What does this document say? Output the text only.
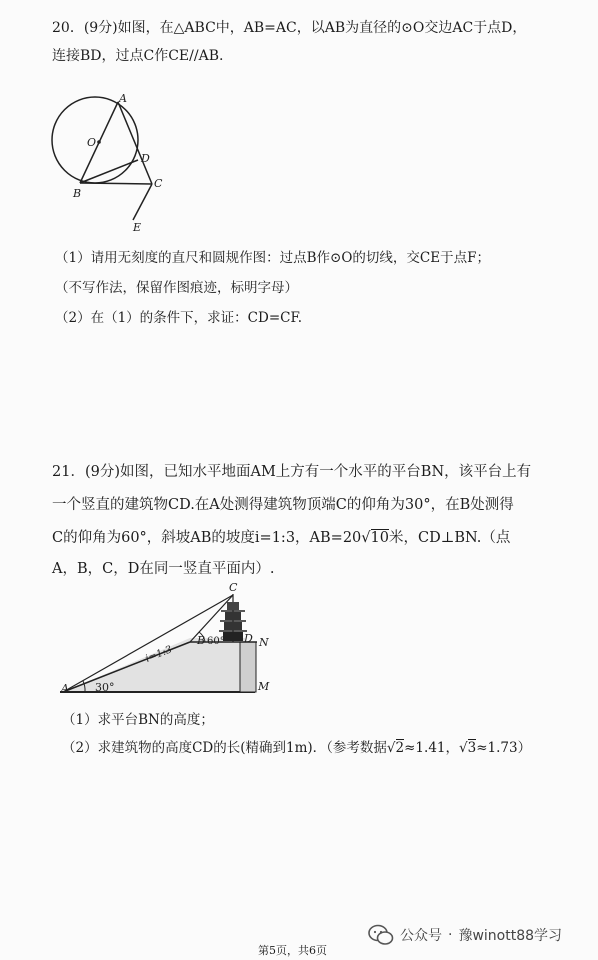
20．(9分)如图，在△ABC中，AB=AC，以AB为直径的⊙O交边AC于点D，
连接BD，过点C作CE//AB.
A
O
D
B
C
E
（1）请用无刻度的直尺和圆规作图：过点B作⊙O的切线，交CE于点F；
（不写作法，保留作图痕迹，标明字母）
（2）在（1）的条件下，求证：CD=CF.
21．(9分)如图，已知水平地面AM上方有一个水平的平台BN，该平台上有
一个竖直的建筑物CD.在A处测得建筑物顶端C的仰角为30°，在B处测得
C的仰角为60°，斜坡AB的坡度i=1:3，AB=20√10米，CD⊥BN.（点
A，B，C，D在同一竖直平面内）.
C
B 60° D N
i=1:3
A 30°	M
（1）求平台BN的高度；
（2）求建筑物的高度CD的长(精确到1m)．（参考数据√2≈1.41，√3≈1.73）
公众号 · 豫winott88学习
第5页，共6页
